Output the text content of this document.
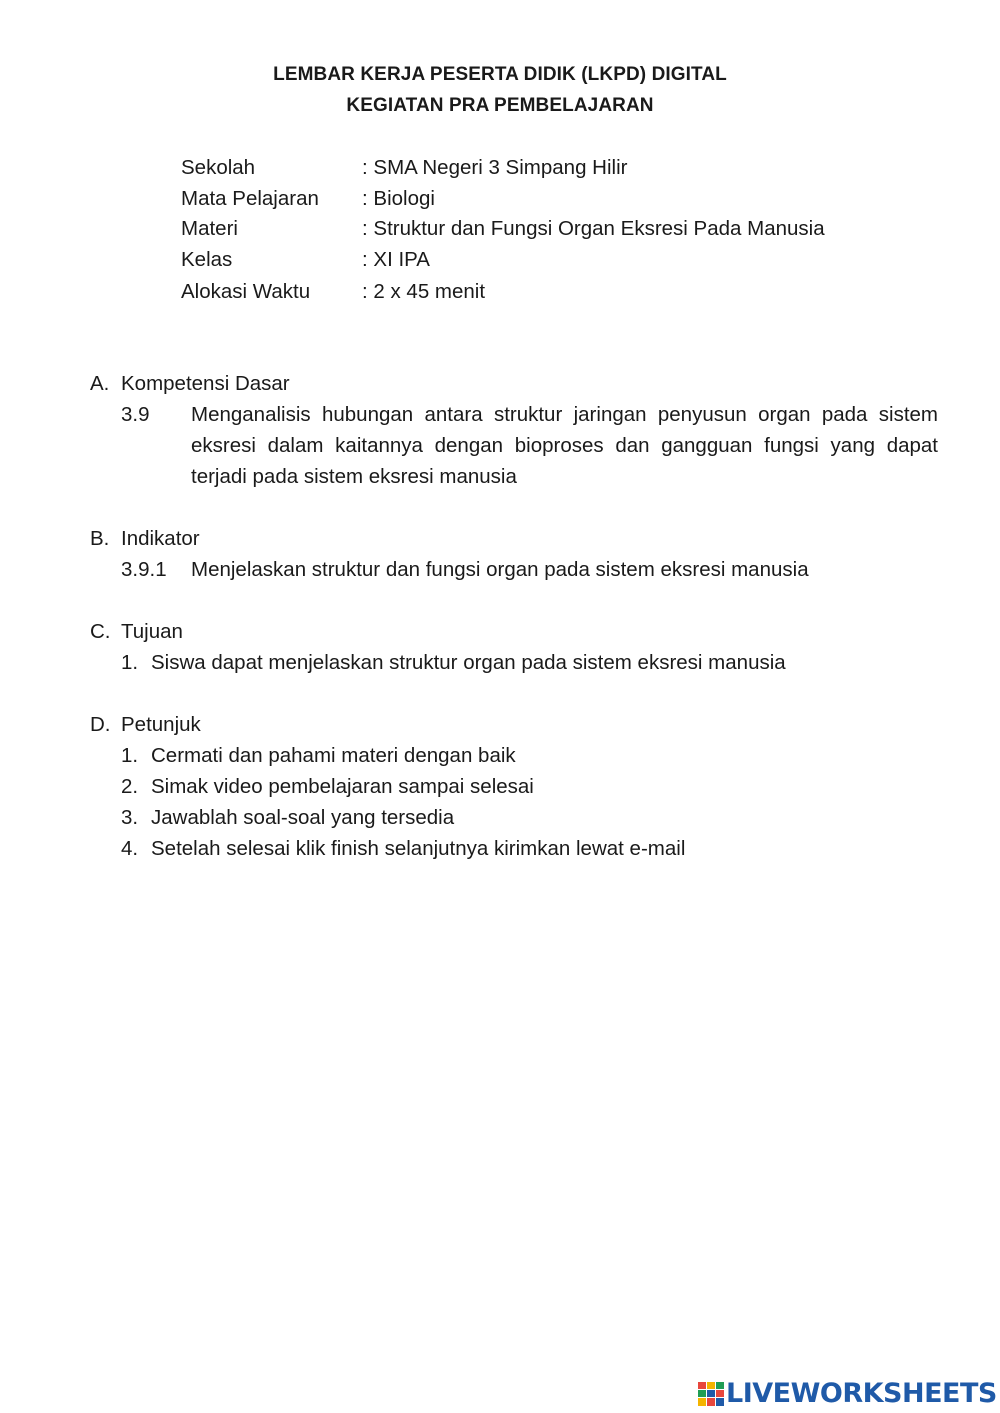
LEMBAR KERJA PESERTA DIDIK (LKPD) DIGITAL
KEGIATAN PRA PEMBELAJARAN
Sekolah	: SMA Negeri 3 Simpang Hilir
Mata Pelajaran : Biologi
Materi	: Struktur dan Fungsi Organ Eksresi Pada Manusia
Kelas	: XI IPA
Alokasi Waktu	: 2 x 45 menit
A. Kompetensi Dasar
3.9 Menganalisis hubungan antara struktur jaringan penyusun organ pada sistem eksresi dalam kaitannya dengan bioproses dan gangguan fungsi yang dapat terjadi pada sistem eksresi manusia
B. Indikator
3.9.1 Menjelaskan struktur dan fungsi organ pada sistem eksresi manusia
C. Tujuan
1. Siswa dapat menjelaskan struktur organ pada sistem eksresi manusia
D. Petunjuk
1. Cermati dan pahami materi dengan baik
2. Simak video pembelajaran sampai selesai
3. Jawablah soal-soal yang tersedia
4. Setelah selesai klik finish selanjutnya kirimkan lewat e-mail
LIVEWORKSHEETS
